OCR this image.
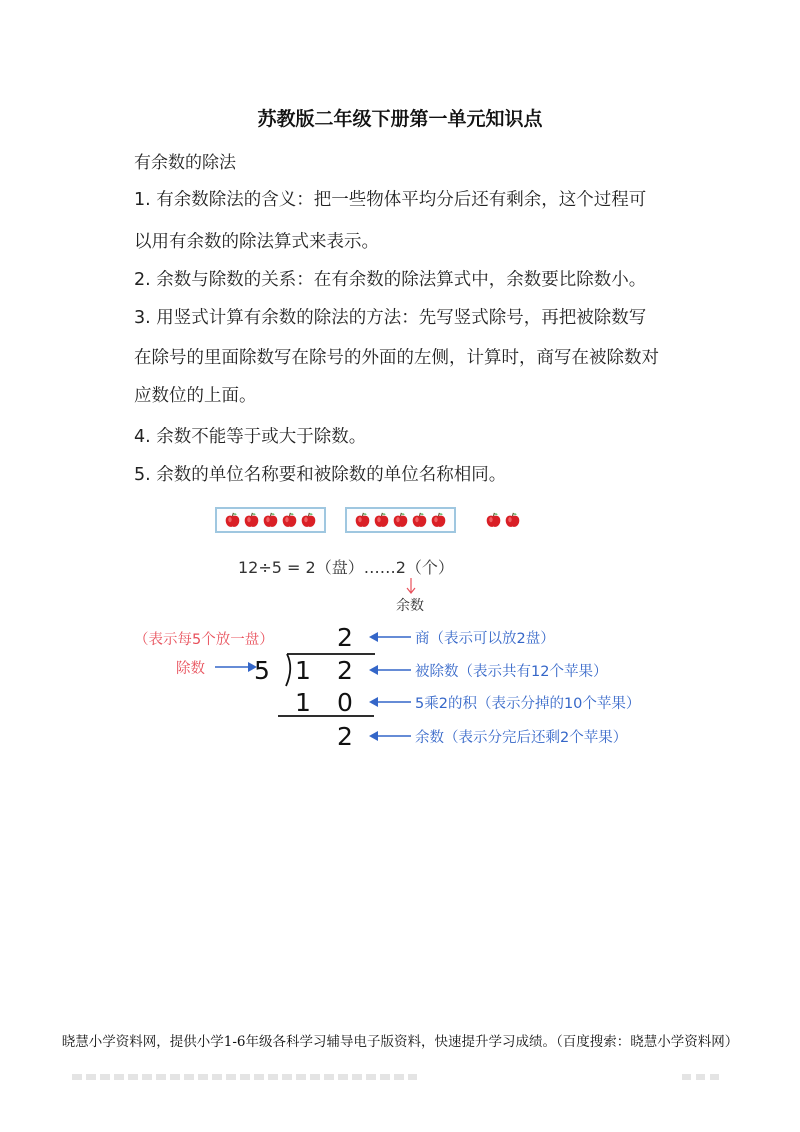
苏教版二年级下册第一单元知识点
有余数的除法
1. 有余数除法的含义：把一些物体平均分后还有剩余，这个过程可
以用有余数的除法算式来表示。
2. 余数与除数的关系：在有余数的除法算式中，余数要比除数小。
3. 用竖式计算有余数的除法的方法：先写竖式除号，再把被除数写
在除号的里面除数写在除号的外面的左侧，计算时，商写在被除数对
应数位的上面。
4. 余数不能等于或大于除数。
5. 余数的单位名称要和被除数的单位名称相同。
12÷5 = 2（盘）……2（个）
余数
（表示每5个放一盘）
除数
2
5 1 2
1 0
2
商（表示可以放2盘）
被除数（表示共有12个苹果）
5乘2的积（表示分掉的10个苹果）
余数（表示分完后还剩2个苹果）
晓慧小学资料网，提供小学1-6年级各科学习辅导电子版资料，快速提升学习成绩。（百度搜索：晓慧小学资料网）
